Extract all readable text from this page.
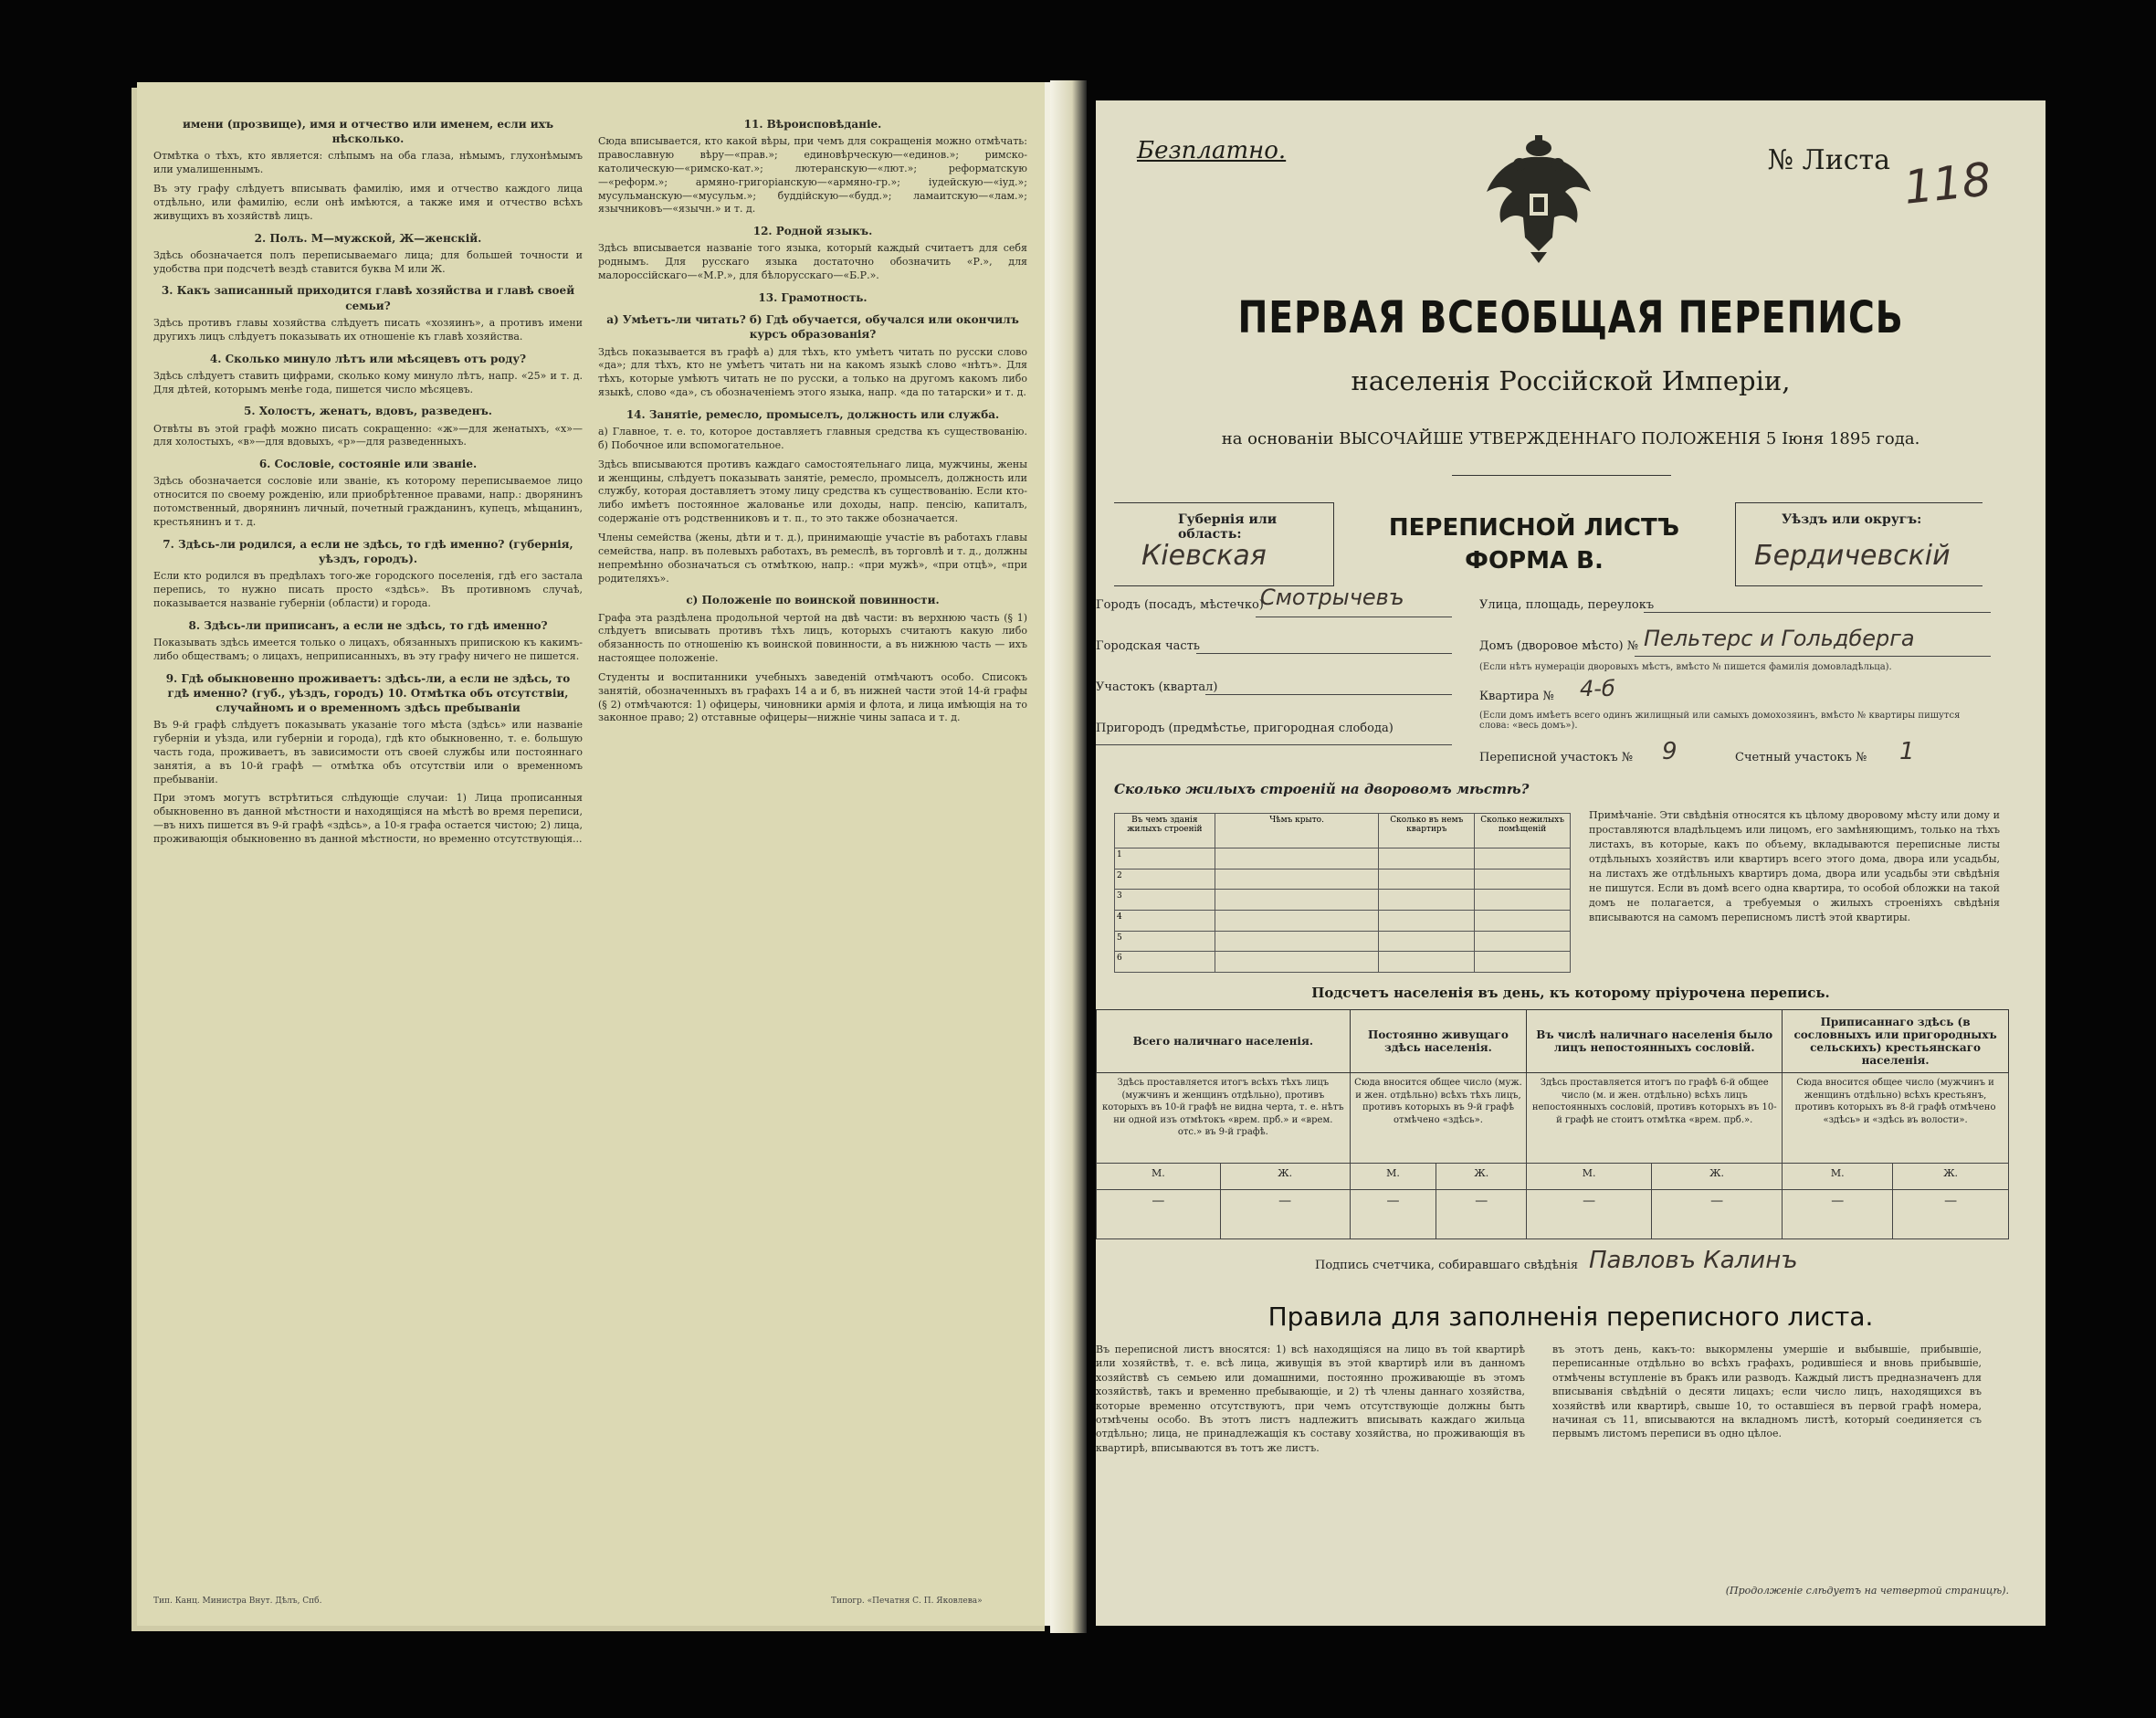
имени (прозвище), имя и отчество или именем, если ихъ нѣсколько.

Отмѣтка о тѣхъ, кто является: слѣпымъ на оба глаза, нѣмымъ, глухонѣмымъ или умалишеннымъ.

Въ эту графу слѣдуетъ вписывать фамилію, имя и отчество каждого лица отдѣльно, или фамилію, если онѣ имѣются, а также имя и отчество всѣхъ живущихъ въ хозяйствѣ лицъ.

2. Полъ. М—мужской, Ж—женскій.

Здѣсь обозначается полъ переписываемаго лица; для большей точности и удобства при подсчетѣ вездѣ ставится буква М или Ж.

3. Какъ записанный приходится главѣ хозяйства и главѣ своей семьи?

Здѣсь противъ главы хозяйства слѣдуетъ писать «хозяинъ», а противъ имени другихъ лицъ слѣдуетъ показывать их отношеніе къ главѣ хозяйства.

4. Сколько минуло лѣтъ или мѣсяцевъ отъ роду?

Здѣсь слѣдуетъ ставить цифрами, сколько кому минуло лѣтъ, напр. «25» и т. д. Для дѣтей, которымъ менѣе года, пишется число мѣсяцевъ.

5. Холостъ, женатъ, вдовъ, разведенъ.

Отвѣты въ этой графѣ можно писать сокращенно: «ж»—для женатыхъ, «х»—для холостыхъ, «в»—для вдовыхъ, «р»—для разведенныхъ.

6. Сословіе, состояніе или званіе.

Здѣсь обозначается сословіе или званіе, къ которому переписываемое лицо относится по своему рожденію, или приобрѣтенное правами, напр.: дворянинъ потомственный, дворянинъ личный, почетный гражданинъ, купецъ, мѣщанинъ, крестьянинъ и т. д.

7. Здѣсь-ли родился, а если не здѣсь, то гдѣ именно? (губернія, уѣздъ, городъ).

Если кто родился въ предѣлахъ того-же городского поселенія, гдѣ его застала перепись, то нужно писать просто «здѣсь». Въ противномъ случаѣ, показывается названіе губерніи (области) и города.

8. Здѣсь-ли приписанъ, а если не здѣсь, то гдѣ именно?

Показывать здѣсь имеется только о лицахъ, обязанныхъ припискою къ какимъ-либо обществамъ; о лицахъ, неприписанныхъ, въ эту графу ничего не пишется.

9. Гдѣ обыкновенно проживаетъ: здѣсь-ли, а если не здѣсь, то гдѣ именно? (губ., уѣздъ, городъ) 10. Отмѣтка объ отсутствіи, случайномъ и о временномъ здѣсь пребываніи

Въ 9-й графѣ слѣдуетъ показывать указаніе того мѣста (здѣсь» или названіе губерніи и уѣзда, или губерніи и города), гдѣ кто обыкновенно, т. е. большую часть года, проживаетъ, въ зависимости отъ своей службы или постояннаго занятія, а въ 10-й графѣ — отмѣтка объ отсутствіи или о временномъ пребываніи.

При этомъ могутъ встрѣтиться слѣдующіе случаи: 1) Лица прописанныя обыкновенно въ данной мѣстности и находящіяся на мѣстѣ во время переписи,—въ нихъ пишется въ 9-й графѣ «здѣсь», а 10-я графа остается чистою; 2) лица, проживающія обыкновенно въ данной мѣстности, но временно отсутствующія...

11. Вѣроисповѣданіе.

Сюда вписывается, кто какой вѣры, при чемъ для сокращенія можно отмѣчать: православную вѣру—«прав.»; единовѣрческую—«единов.»; римско-католическую—«римско-кат.»; лютеранскую—«лют.»; реформатскую—«реформ.»; армяно-григоріанскую—«армяно-гр.»; іудейскую—«іуд.»; мусульманскую—«мусульм.»; буддійскую—«будд.»; ламаитскую—«лам.»; язычниковъ—«язычн.» и т. д.

12. Родной языкъ.

Здѣсь вписывается названіе того языка, который каждый считаетъ для себя роднымъ. Для русскаго языка достаточно обозначить «Р.», для малороссійскаго—«М.Р.», для бѣлорусскаго—«Б.Р.».

13. Грамотность.
а) Умѣетъ-ли читать? б) Гдѣ обучается, обучался или окончилъ курсъ образованія?

Здѣсь показывается въ графѣ а) для тѣхъ, кто умѣетъ читать по русски слово «да»; для тѣхъ, кто не умѣетъ читать ни на какомъ языкѣ слово «нѣтъ». Для тѣхъ, которые умѣютъ читать не по русски, а только на другомъ какомъ либо языкѣ, слово «да», съ обозначеніемъ этого языка, напр. «да по татарски» и т. д.

14. Занятіе, ремесло, промыселъ, должность или служба.

а) Главное, т. е. то, которое доставляетъ главныя средства къ существованію. б) Побочное или вспомогательное.

Здѣсь вписываются противъ каждаго самостоятельнаго лица, мужчины, жены и женщины, слѣдуетъ показывать занятіе, ремесло, промыселъ, должность или службу, которая доставляетъ этому лицу средства къ существованію. Если кто-либо имѣетъ постоянное жалованье или доходы, напр. пенсію, капиталъ, содержаніе отъ родственниковъ и т. п., то это также обозначается.

Члены семейства (жены, дѣти и т. д.), принимающіе участіе въ работахъ главы семейства, напр. въ полевыхъ работахъ, въ ремеслѣ, въ торговлѣ и т. д., должны непремѣнно обозначаться съ отмѣткою, напр.: «при мужѣ», «при отцѣ», «при родителяхъ».

с) Положеніе по воинской повинности.

Графа эта раздѣлена продольной чертой на двѣ части: въ верхнюю часть (§ 1) слѣдуетъ вписывать противъ тѣхъ лицъ, которыхъ считаютъ какую либо обязанность по отношенію къ воинской повинности, а въ нижнюю часть — ихъ настоящее положеніе.

Студенты и воспитанники учебныхъ заведеній отмѣчаютъ особо. Списокъ занятій, обозначенныхъ въ графахъ 14 а и б, въ нижней части этой 14-й графы (§ 2) отмѣчаются: 1) офицеры, чиновники армія и флота, и лица имѣющія на то законное право; 2) отставные офицеры—нижніе чины запаса и т. д.

Тип. Канц. Министра Внут. Дѣлъ, Спб.	Типогр. «Печатня С. П. Яковлева»
Безплатно.	№ Листа 118
ПЕРВАЯ ВСЕОБЩАЯ ПЕРЕПИСЬ
населенія Россійской Имперіи,
на основаніи ВЫСОЧАЙШЕ УТВЕРЖДЕННАГО ПОЛОЖЕНІЯ 5 Іюня 1895 года.
Губернія или область:
Кіевская
ПЕРЕПИСНОЙ ЛИСТЪ
ФОРМА В.
Уѣздъ или округъ:
Бердичевскій
Городъ (посадъ, мѣстечко)
Смотрычевъ
Городская часть
Участокъ (квартал)
Пригородъ (предмѣстье, пригородная слобода)
Улица, площадь, переулокъ
Домъ (дворовое мѣсто) № Пельтерс и Гольдберга
(Если нѣтъ нумераціи дворовыхъ мѣстъ, вмѣсто № пишется фамилія домовладѣльца).
Квартира № 4-б
(Если домъ имѣетъ всего одинъ жилищный или самыхъ домохозяинъ, вмѣсто № квартиры пишутся слова: «весь домъ»).
Переписной участокъ № 9	Счетный участокъ № 1
Сколько жилыхъ строеній на дворовомъ мѣстѣ?
Въ чемъ зданія жилыхъ строеній	Чѣмъ крыто.	Сколько въ немъ квартиръ	Сколько нежилыхъ помѣщеній
1			
2			
3			
4			
5			
6			
Примѣчаніе. Эти свѣдѣнія относятся къ цѣлому дворовому мѣсту или дому и проставляются владѣльцемъ или лицомъ, его замѣняющимъ, только на тѣхъ листахъ, въ которые, какъ по объему, вкладываются переписные листы отдѣльныхъ хозяйствъ или квартиръ всего этого дома, двора или усадьбы, на листахъ же отдѣльныхъ квартиръ дома, двора или усадьбы эти свѣдѣнія не пишутся. Если въ домѣ всего одна квартира, то особой обложки на такой домъ не полагается, а требуемыя о жилыхъ строеніяхъ свѣдѣнія вписываются на самомъ переписномъ листѣ этой квартиры.
Подсчетъ населенія въ день, къ которому пріурочена перепись.
Всего наличнаго населенія.		Постоянно живущаго здѣсь населенія.		Въ числѣ наличнаго населенія было лицъ непостоянныхъ сословій.		Приписаннаго здѣсь (в сословныхъ или пригородныхъ сельскихъ) крестьянскаго населенія.	
Здѣсь проставляется итогъ всѣхъ тѣхъ лицъ (мужчинъ и женщинъ отдѣльно), противъ которыхъ въ 10-й графѣ не видна черта, т. е. нѣтъ ни одной изъ отмѣтокъ «врем. прб.» и «врем. отс.» въ 9-й графѣ.		Сюда вносится общее число (муж. и жен. отдѣльно) всѣхъ тѣхъ лицъ, противъ которыхъ въ 9-й графѣ отмѣчено «здѣсь».		Здѣсь проставляется итогъ по графѣ 6-й общее число (м. и жен. отдѣльно) всѣхъ лицъ непостоянныхъ сословій, противъ которыхъ въ 10-й графѣ не стоитъ отмѣтка «врем. прб.».		Сюда вносится общее число (мужчинъ и женщинъ отдѣльно) всѣхъ крестьянъ, противъ которыхъ въ 8-й графѣ отмѣчено «здѣсь» и «здѣсь въ волости».	
М.	Ж.	М.	Ж.	М.	Ж.	М.	Ж.
—	—	—	—	—	—	—	—
Подпись счетчика, собиравшаго свѣдѣнія Павловъ Калинъ
Правила для заполненія переписного листа.
Въ переписной листъ вносятся: 1) всѣ находящіяся на лицо въ той квартирѣ или хозяйствѣ, т. е. всѣ лица, живущія въ этой квартирѣ или въ данномъ хозяйствѣ съ семьею или домашними, постоянно проживающіе въ этомъ хозяйствѣ, такъ и временно пребывающіе, и 2) тѣ члены даннаго хозяйства, которые временно отсутствуютъ, при чемъ отсутствующіе должны быть отмѣчены особо. Въ этотъ листъ надлежитъ вписывать каждаго жильца отдѣльно; лица, не принадлежащія къ составу хозяйства, но проживающія въ квартирѣ, вписываются въ тотъ же листъ.
въ этотъ день, какъ-то: выкормлены умершіе и выбывшіе, прибывшіе, переписанные отдѣльно во всѣхъ графахъ, родившіеся и вновь прибывшіе, отмѣчены вступленіе въ бракъ или разводъ. Каждый листъ предназначенъ для вписыванія свѣдѣній о десяти лицахъ; если число лицъ, находящихся въ хозяйствѣ или квартирѣ, свыше 10, то оставшіеся въ первой графѣ номера, начиная съ 11, вписываются на вкладномъ листѣ, который соединяется съ первымъ листомъ переписи въ одно цѣлое.
(Продолженіе слѣдуетъ на четвертой страницѣ).
